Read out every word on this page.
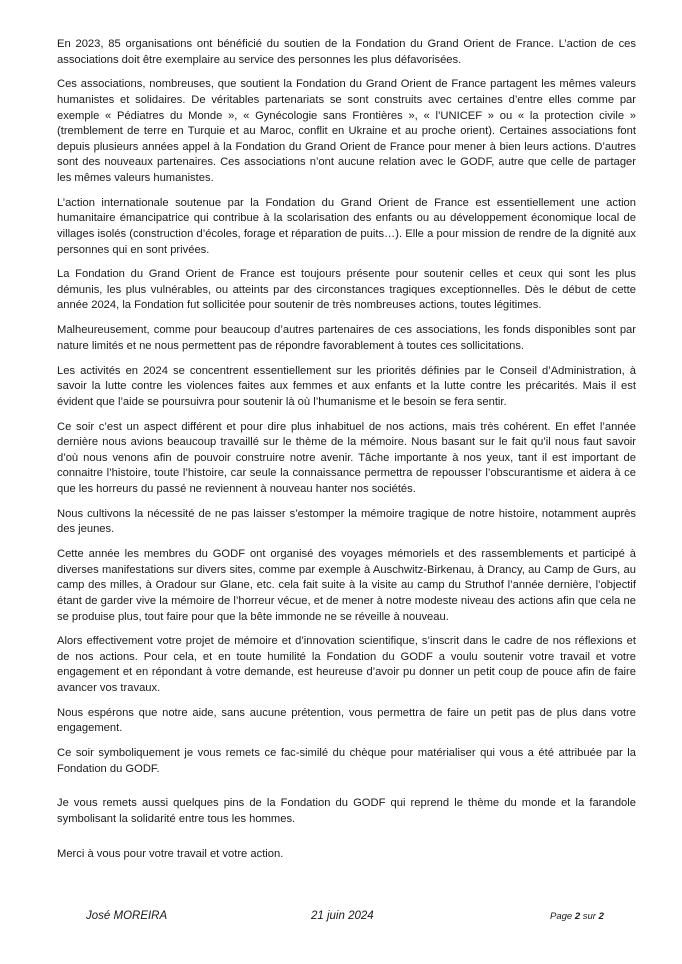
En 2023, 85 organisations ont bénéficié du soutien de la Fondation du Grand Orient de France. L’action de ces associations doit être exemplaire au service des personnes les plus défavorisées.

Ces associations, nombreuses, que soutient la Fondation du Grand Orient de France partagent les mêmes valeurs humanistes et solidaires. De véritables partenariats se sont construits avec certaines d’entre elles comme par exemple « Pédiatres du Monde », « Gynécologie sans Frontières », « l’UNICEF » ou « la protection civile » (tremblement de terre en Turquie et au Maroc, conflit en Ukraine et au proche orient). Certaines associations font depuis plusieurs années appel à la Fondation du Grand Orient de France pour mener à bien leurs actions. D’autres sont des nouveaux partenaires. Ces associations n’ont aucune relation avec le GODF, autre que celle de partager les mêmes valeurs humanistes.

L’action internationale soutenue par la Fondation du Grand Orient de France est essentiellement une action humanitaire émancipatrice qui contribue à la scolarisation des enfants ou au développement économique local de villages isolés (construction d’écoles, forage et réparation de puits…). Elle a pour mission de rendre de la dignité aux personnes qui en sont privées.

La Fondation du Grand Orient de France est toujours présente pour soutenir celles et ceux qui sont les plus démunis, les plus vulnérables, ou atteints par des circonstances tragiques exceptionnelles. Dès le début de cette année 2024, la Fondation fut sollicitée pour soutenir de très nombreuses actions, toutes légitimes.

Malheureusement, comme pour beaucoup d’autres partenaires de ces associations, les fonds disponibles sont par nature limités et ne nous permettent pas de répondre favorablement à toutes ces sollicitations.

Les activités en 2024 se concentrent essentiellement sur les priorités définies par le Conseil d’Administration, à savoir la lutte contre les violences faites aux femmes et aux enfants et la lutte contre les précarités. Mais il est évident que l’aide se poursuivra pour soutenir là où l’humanisme et le besoin se fera sentir.

Ce soir c’est un aspect différent et pour dire plus inhabituel de nos actions, mais très cohérent. En effet l’année dernière nous avions beaucoup travaillé sur le thème de la mémoire. Nous basant sur le fait qu’il nous faut savoir d’où nous venons afin de pouvoir construire notre avenir. Tâche importante à nos yeux, tant il est important de connaitre l’histoire, toute l’histoire, car seule la connaissance permettra de repousser l’obscurantisme et aidera à ce que les horreurs du passé ne reviennent à nouveau hanter nos sociétés.

Nous cultivons la nécessité de ne pas laisser s’estomper la mémoire tragique de notre histoire, notamment auprès des jeunes.

Cette année les membres du GODF ont organisé des voyages mémoriels et des rassemblements et participé à diverses manifestations sur divers sites, comme par exemple à Auschwitz-Birkenau, à Drancy, au Camp de Gurs, au camp des milles, à Oradour sur Glane, etc. cela fait suite à la visite au camp du Struthof l’année dernière, l’objectif étant de garder vive la mémoire de l’horreur vécue, et de mener à notre modeste niveau des actions afin que cela ne se produise plus, tout faire pour que la bête immonde ne se réveille à nouveau.

Alors effectivement votre projet de mémoire et d’innovation scientifique, s’inscrit dans le cadre de nos réflexions et de nos actions. Pour cela, et en toute humilité la Fondation du GODF a voulu soutenir votre travail et votre engagement et en répondant à votre demande, est heureuse d’avoir pu donner un petit coup de pouce afin de faire avancer vos travaux.

Nous espérons que notre aide, sans aucune prétention, vous permettra de faire un petit pas de plus dans votre engagement.

Ce soir symboliquement je vous remets ce fac-similé du chèque pour matérialiser qui vous a été attribuée par la Fondation du GODF.

Je vous remets aussi quelques pins de la Fondation du GODF qui reprend le thème du monde et la farandole symbolisant la solidarité entre tous les hommes.

Merci à vous pour votre travail et votre action.

José MOREIRA	21 juin 2024	Page 2 sur 2
